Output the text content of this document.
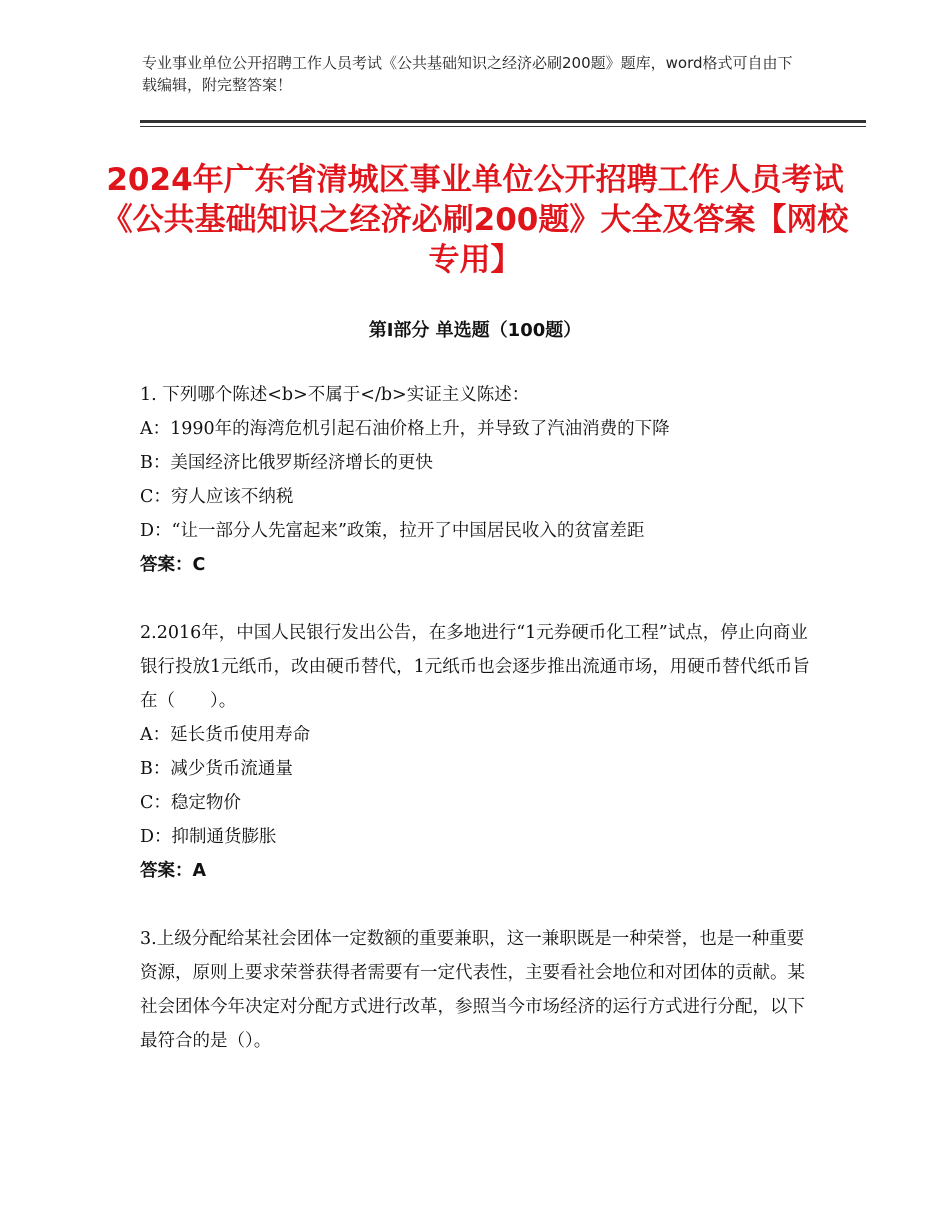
专业事业单位公开招聘工作人员考试《公共基础知识之经济必刷200题》题库，word格式可自由下载编辑，附完整答案！
2024年广东省清城区事业单位公开招聘工作人员考试《公共基础知识之经济必刷200题》大全及答案【网校专用】
第Ⅰ部分 单选题（100题）

1. 下列哪个陈述<b>不属于</b>实证主义陈述：

A：1990年的海湾危机引起石油价格上升，并导致了汽油消费的下降

B：美国经济比俄罗斯经济增长的更快

C：穷人应该不纳税

D：“让一部分人先富起来”政策，拉开了中国居民收入的贫富差距

答案：C

2.2016年，中国人民银行发出公告，在多地进行“1元券硬币化工程”试点，停止向商业银行投放1元纸币，改由硬币替代，1元纸币也会逐步推出流通市场，用硬币替代纸币旨在（　　）。

A：延长货币使用寿命

B：减少货币流通量

C：稳定物价

D：抑制通货膨胀

答案：A

3.上级分配给某社会团体一定数额的重要兼职，这一兼职既是一种荣誉，也是一种重要资源，原则上要求荣誉获得者需要有一定代表性，主要看社会地位和对团体的贡献。某社会团体今年决定对分配方式进行改革，参照当今市场经济的运行方式进行分配，以下最符合的是（）。
